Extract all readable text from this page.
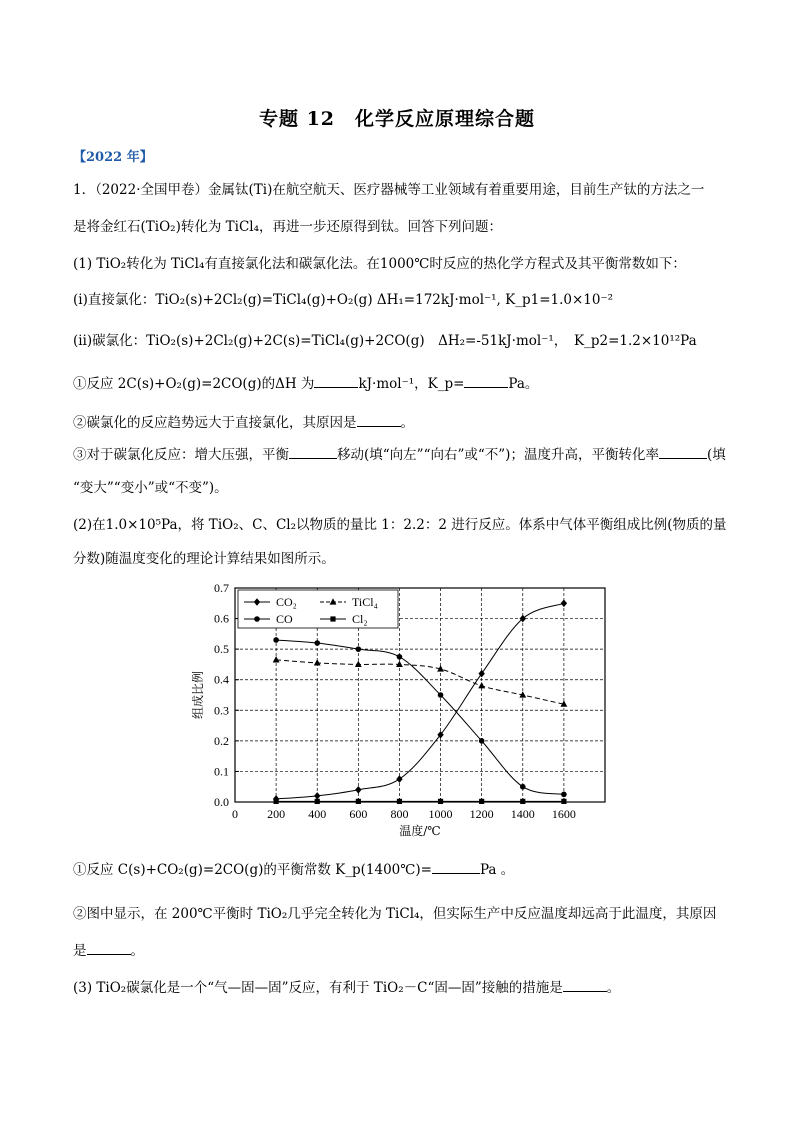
专题 12　化学反应原理综合题
【2022 年】
1．（2022·全国甲卷）金属钛(Ti)在航空航天、医疗器械等工业领域有着重要用途，目前生产钛的方法之一
是将金红石(TiO₂)转化为 TiCl₄，再进一步还原得到钛。回答下列问题：
(1) TiO₂转化为 TiCl₄有直接氯化法和碳氯化法。在1000℃时反应的热化学方程式及其平衡常数如下：
(ⅰ)直接氯化：TiO₂(s)+2Cl₂(g)=TiCl₄(g)+O₂(g) ΔH₁=172kJ·mol⁻¹, K_p1=1.0×10⁻²
(ⅱ)碳氯化：TiO₂(s)+2Cl₂(g)+2C(s)=TiCl₄(g)+2CO(g)　ΔH₂=-51kJ·mol⁻¹，　K_p2=1.2×10¹²Pa
①反应 2C(s)+O₂(g)=2CO(g)的ΔH 为	kJ·mol⁻¹，K_p=	Pa。
②碳氯化的反应趋势远大于直接氯化，其原因是	。
③对于碳氯化反应：增大压强，平衡	移动(填“向左”“向右”或“不”)；温度升高，平衡转化率	(填
“变大”“变小”或“不变”)。
(2)在1.0×10⁵Pa，将 TiO₂、C、Cl₂以物质的量比 1：2.2：2 进行反应。体系中气体平衡组成比例(物质的量
分数)随温度变化的理论计算结果如图所示。
0.0
0.1
0.2
0.3
0.4
0.5
0.6
0.7
0 200 400 600 800 1000 1200 1400 1600
CO₂	TiCl₄
CO	Cl₂
温度/℃
组成比例
①反应 C(s)+CO₂(g)=2CO(g)的平衡常数 K_p(1400℃)=	Pa 。
②图中显示，在 200℃平衡时 TiO₂几乎完全转化为 TiCl₄，但实际生产中反应温度却远高于此温度，其原因
是	。
(3) TiO₂碳氯化是一个“气—固—固”反应，有利于 TiO₂－C“固—固”接触的措施是	。
